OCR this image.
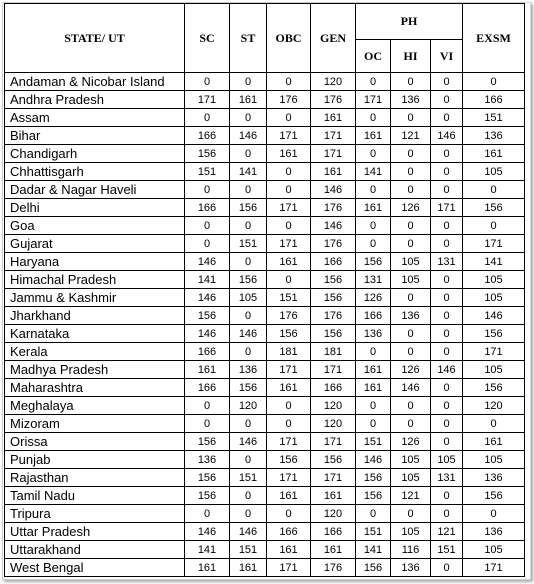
STATE/ UT	SC	ST	OBC	GEN	PH			EXSM
					OC	HI	VI	
Andaman & Nicobar Island	0	0	0	120	0	0	0	0
Andhra Pradesh	171	161	176	176	171	136	0	166
Assam	0	0	0	161	0	0	0	151
Bihar	166	146	171	171	161	121	146	136
Chandigarh	156	0	161	171	0	0	0	161
Chhattisgarh	151	141	0	161	141	0	0	105
Dadar & Nagar Haveli	0	0	0	146	0	0	0	0
Delhi	166	156	171	176	161	126	171	156
Goa	0	0	0	146	0	0	0	0
Gujarat	0	151	171	176	0	0	0	171
Haryana	146	0	161	166	156	105	131	141
Himachal Pradesh	141	156	0	156	131	105	0	105
Jammu & Kashmir	146	105	151	156	126	0	0	105
Jharkhand	156	0	176	176	166	136	0	146
Karnataka	146	146	156	156	136	0	0	156
Kerala	166	0	181	181	0	0	0	171
Madhya Pradesh	161	136	171	171	161	126	146	105
Maharashtra	166	156	161	166	161	146	0	156
Meghalaya	0	120	0	120	0	0	0	120
Mizoram	0	0	0	120	0	0	0	0
Orissa	156	146	171	171	151	126	0	161
Punjab	136	0	156	156	146	105	105	105
Rajasthan	156	151	171	171	156	105	131	136
Tamil Nadu	156	0	161	161	156	121	0	156
Tripura	0	0	0	120	0	0	0	0
Uttar Pradesh	146	146	166	166	151	105	121	136
Uttarakhand	141	151	161	161	141	116	151	105
West Bengal	161	161	171	176	156	136	0	171
